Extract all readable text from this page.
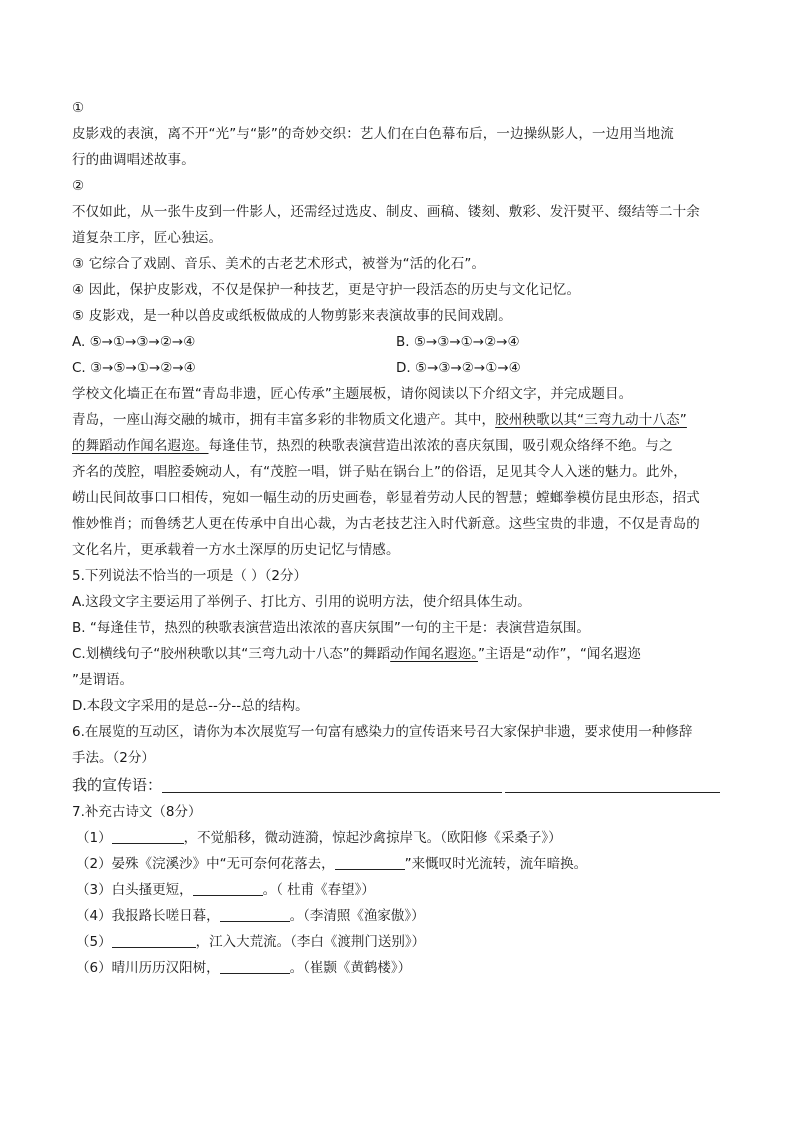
①
皮影戏的表演，离不开“光”与“影”的奇妙交织：艺人们在白色幕布后，一边操纵影人，一边用当地流
行的曲调唱述故事。
②
不仅如此，从一张牛皮到一件影人，还需经过选皮、制皮、画稿、镂刻、敷彩、发汗熨平、缀结等二十余
道复杂工序，匠心独运。
③ 它综合了戏剧、音乐、美术的古老艺术形式，被誉为“活的化石”。
④ 因此，保护皮影戏，不仅是保护一种技艺，更是守护一段活态的历史与文化记忆。
⑤ 皮影戏，是一种以兽皮或纸板做成的人物剪影来表演故事的民间戏剧。
A. ⑤→①→③→②→④	B. ⑤→③→①→②→④
C. ③→⑤→①→②→④	D. ⑤→③→②→①→④
学校文化墙正在布置“青岛非遗，匠心传承”主题展板，请你阅读以下介绍文字，并完成题目。
青岛，一座山海交融的城市，拥有丰富多彩的非物质文化遗产。其中，胶州秧歌以其“三弯九动十八态”
的舞蹈动作闻名遐迩。每逢佳节，热烈的秧歌表演营造出浓浓的喜庆氛围，吸引观众络绎不绝。与之
齐名的茂腔，唱腔委婉动人，有“茂腔一唱，饼子贴在锅台上”的俗语，足见其令人入迷的魅力。此外，
崂山民间故事口口相传，宛如一幅生动的历史画卷，彰显着劳动人民的智慧；螳螂拳模仿昆虫形态，招式
惟妙惟肖；而鲁绣艺人更在传承中自出心裁，为古老技艺注入时代新意。这些宝贵的非遗，不仅是青岛的
文化名片，更承载着一方水土深厚的历史记忆与情感。
5.下列说法不恰当的一项是（ ）（2分）
A.这段文字主要运用了举例子、打比方、引用的说明方法，使介绍具体生动。
B. “每逢佳节，热烈的秧歌表演营造出浓浓的喜庆氛围”一句的主干是：表演营造氛围。
C.划横线句子“胶州秧歌以其“三弯九动十八态”的舞蹈动作闻名遐迩。”主语是“动作”，“闻名遐迩
”是谓语。
D.本段文字采用的是总--分--总的结构。
6.在展览的互动区，请你为本次展览写一句富有感染力的宣传语来号召大家保护非遗，要求使用一种修辞
手法。（2分）
我的宣传语：
7.补充古诗文（8分）
（1）	，不觉船移，微动涟漪，惊起沙禽掠岸飞。（欧阳修《采桑子》）
（2）晏殊《浣溪沙》中“无可奈何花落去，	”来慨叹时光流转，流年暗换。
（3）白头搔更短，	。（ 杜甫《春望》）
（4）我报路长嗟日暮，	。（李清照《渔家傲》）
（5）	，江入大荒流。（李白《渡荆门送别》）
（6）晴川历历汉阳树，	。（崔颢《黄鹤楼》）
